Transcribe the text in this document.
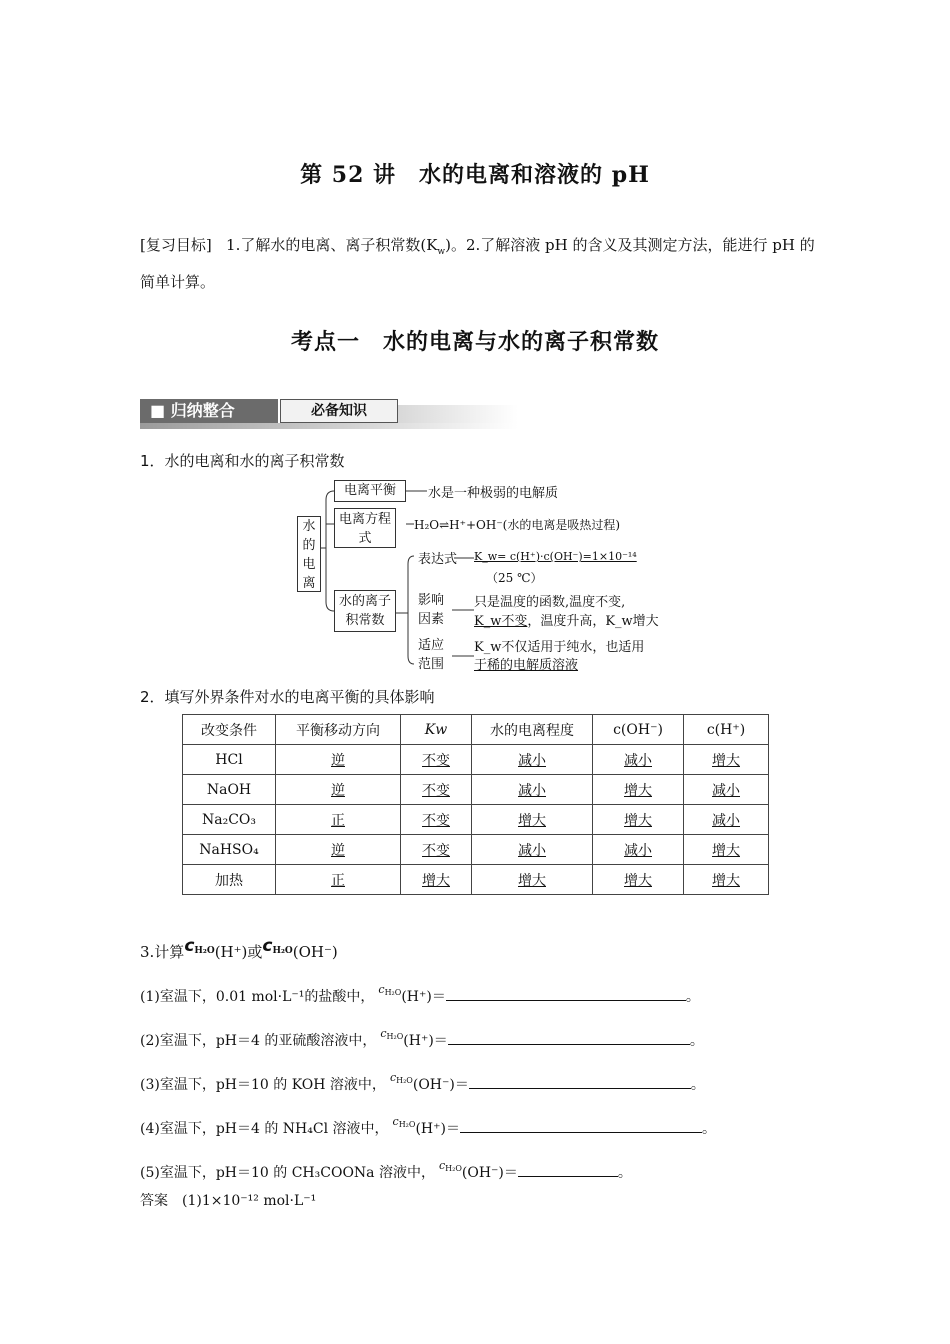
第 52 讲　水的电离和溶液的 pH
[复习目标] 1.了解水的电离、离子积常数$(K_w)$。2.了解溶液 pH 的含义及其测定方法，能进行 pH 的简单计算。
考点一　水的电离与水的离子积常数
■ 归纳整合	必备知识
1．水的电离和水的离子积常数
水的电离
电离平衡	水是一种极弱的电解质
电离方程式
H₂O⇌H⁺+OH⁻(水的电离是吸热过程)
水的离子积常数
表达式 K_w= c(H⁺)·c(OH⁻)=1×10⁻¹⁴
（25 ℃）
影响因素
只是温度的函数,温度不变,
K_w不变，温度升高，K_w增大
适应范围
K_w不仅适用于纯水，也适用
于稀的电解质溶液
2．填写外界条件对水的电离平衡的具体影响
改变条件	平衡移动方向	Kw	水的电离程度	c(OH⁻)	c(H⁺)
HCl	逆	不变	减小	减小	增大
NaOH	逆	不变	减小	增大	减小
Na₂CO₃	正	不变	增大	增大	减小
NaHSO₄	逆	不变	减小	减小	增大
加热	正	增大	增大	增大	增大
3.计算$c_{H_2O}(H^+)$或$c_{H_2O}(OH^-)$
(1)室温下，0.01 mol·L⁻¹的盐酸中， $^c_{H_2O}$(H⁺)＝	。
(2)室温下，pH＝4 的亚硫酸溶液中， $^c_{H_2O}$(H⁺)＝	。
(3)室温下，pH＝10 的 KOH 溶液中， $^c_{H_2O}$(OH⁻)＝	。
(4)室温下，pH＝4 的 NH₄Cl 溶液中， $^c_{H_2O}$(H⁺)＝	。
(5)室温下，pH＝10 的 CH₃COONa 溶液中， $^c_{H_2O}$(OH⁻)＝	。
答案　(1)1×10⁻¹² mol·L⁻¹
